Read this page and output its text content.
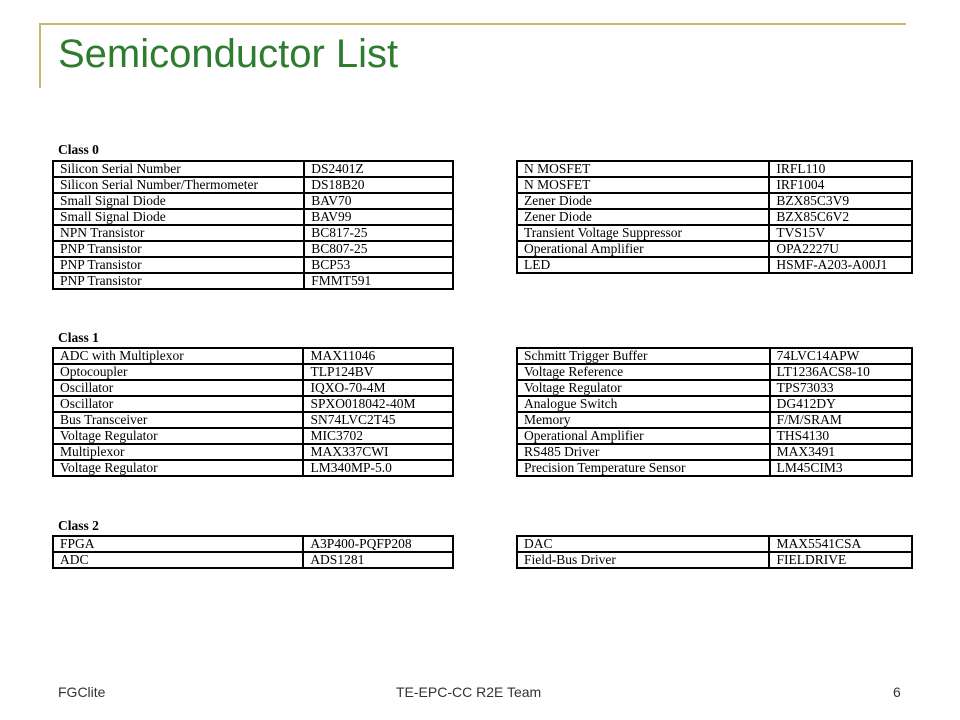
Semiconductor List
Class 0
Silicon Serial Number	DS2401Z
Silicon Serial Number/Thermometer	DS18B20
Small Signal Diode	BAV70
Small Signal Diode	BAV99
NPN Transistor	BC817-25
PNP Transistor	BC807-25
PNP Transistor	BCP53
PNP Transistor	FMMT591
N MOSFET	IRFL110
N MOSFET	IRF1004
Zener Diode	BZX85C3V9
Zener Diode	BZX85C6V2
Transient Voltage Suppressor	TVS15V
Operational Amplifier	OPA2227U
LED	HSMF-A203-A00J1
Class 1
ADC with Multiplexor	MAX11046
Optocoupler	TLP124BV
Oscillator	IQXO-70-4M
Oscillator	SPXO018042-40M
Bus Transceiver	SN74LVC2T45
Voltage Regulator	MIC3702
Multiplexor	MAX337CWI
Voltage Regulator	LM340MP-5.0
Schmitt Trigger Buffer	74LVC14APW
Voltage Reference	LT1236ACS8-10
Voltage Regulator	TPS73033
Analogue Switch	DG412DY
Memory	F/M/SRAM
Operational Amplifier	THS4130
RS485 Driver	MAX3491
Precision Temperature Sensor	LM45CIM3
Class 2
FPGA	A3P400-PQFP208
ADC	ADS1281
DAC	MAX5541CSA
Field-Bus Driver	FIELDRIVE
FGClite	TE-EPC-CC R2E Team	6
